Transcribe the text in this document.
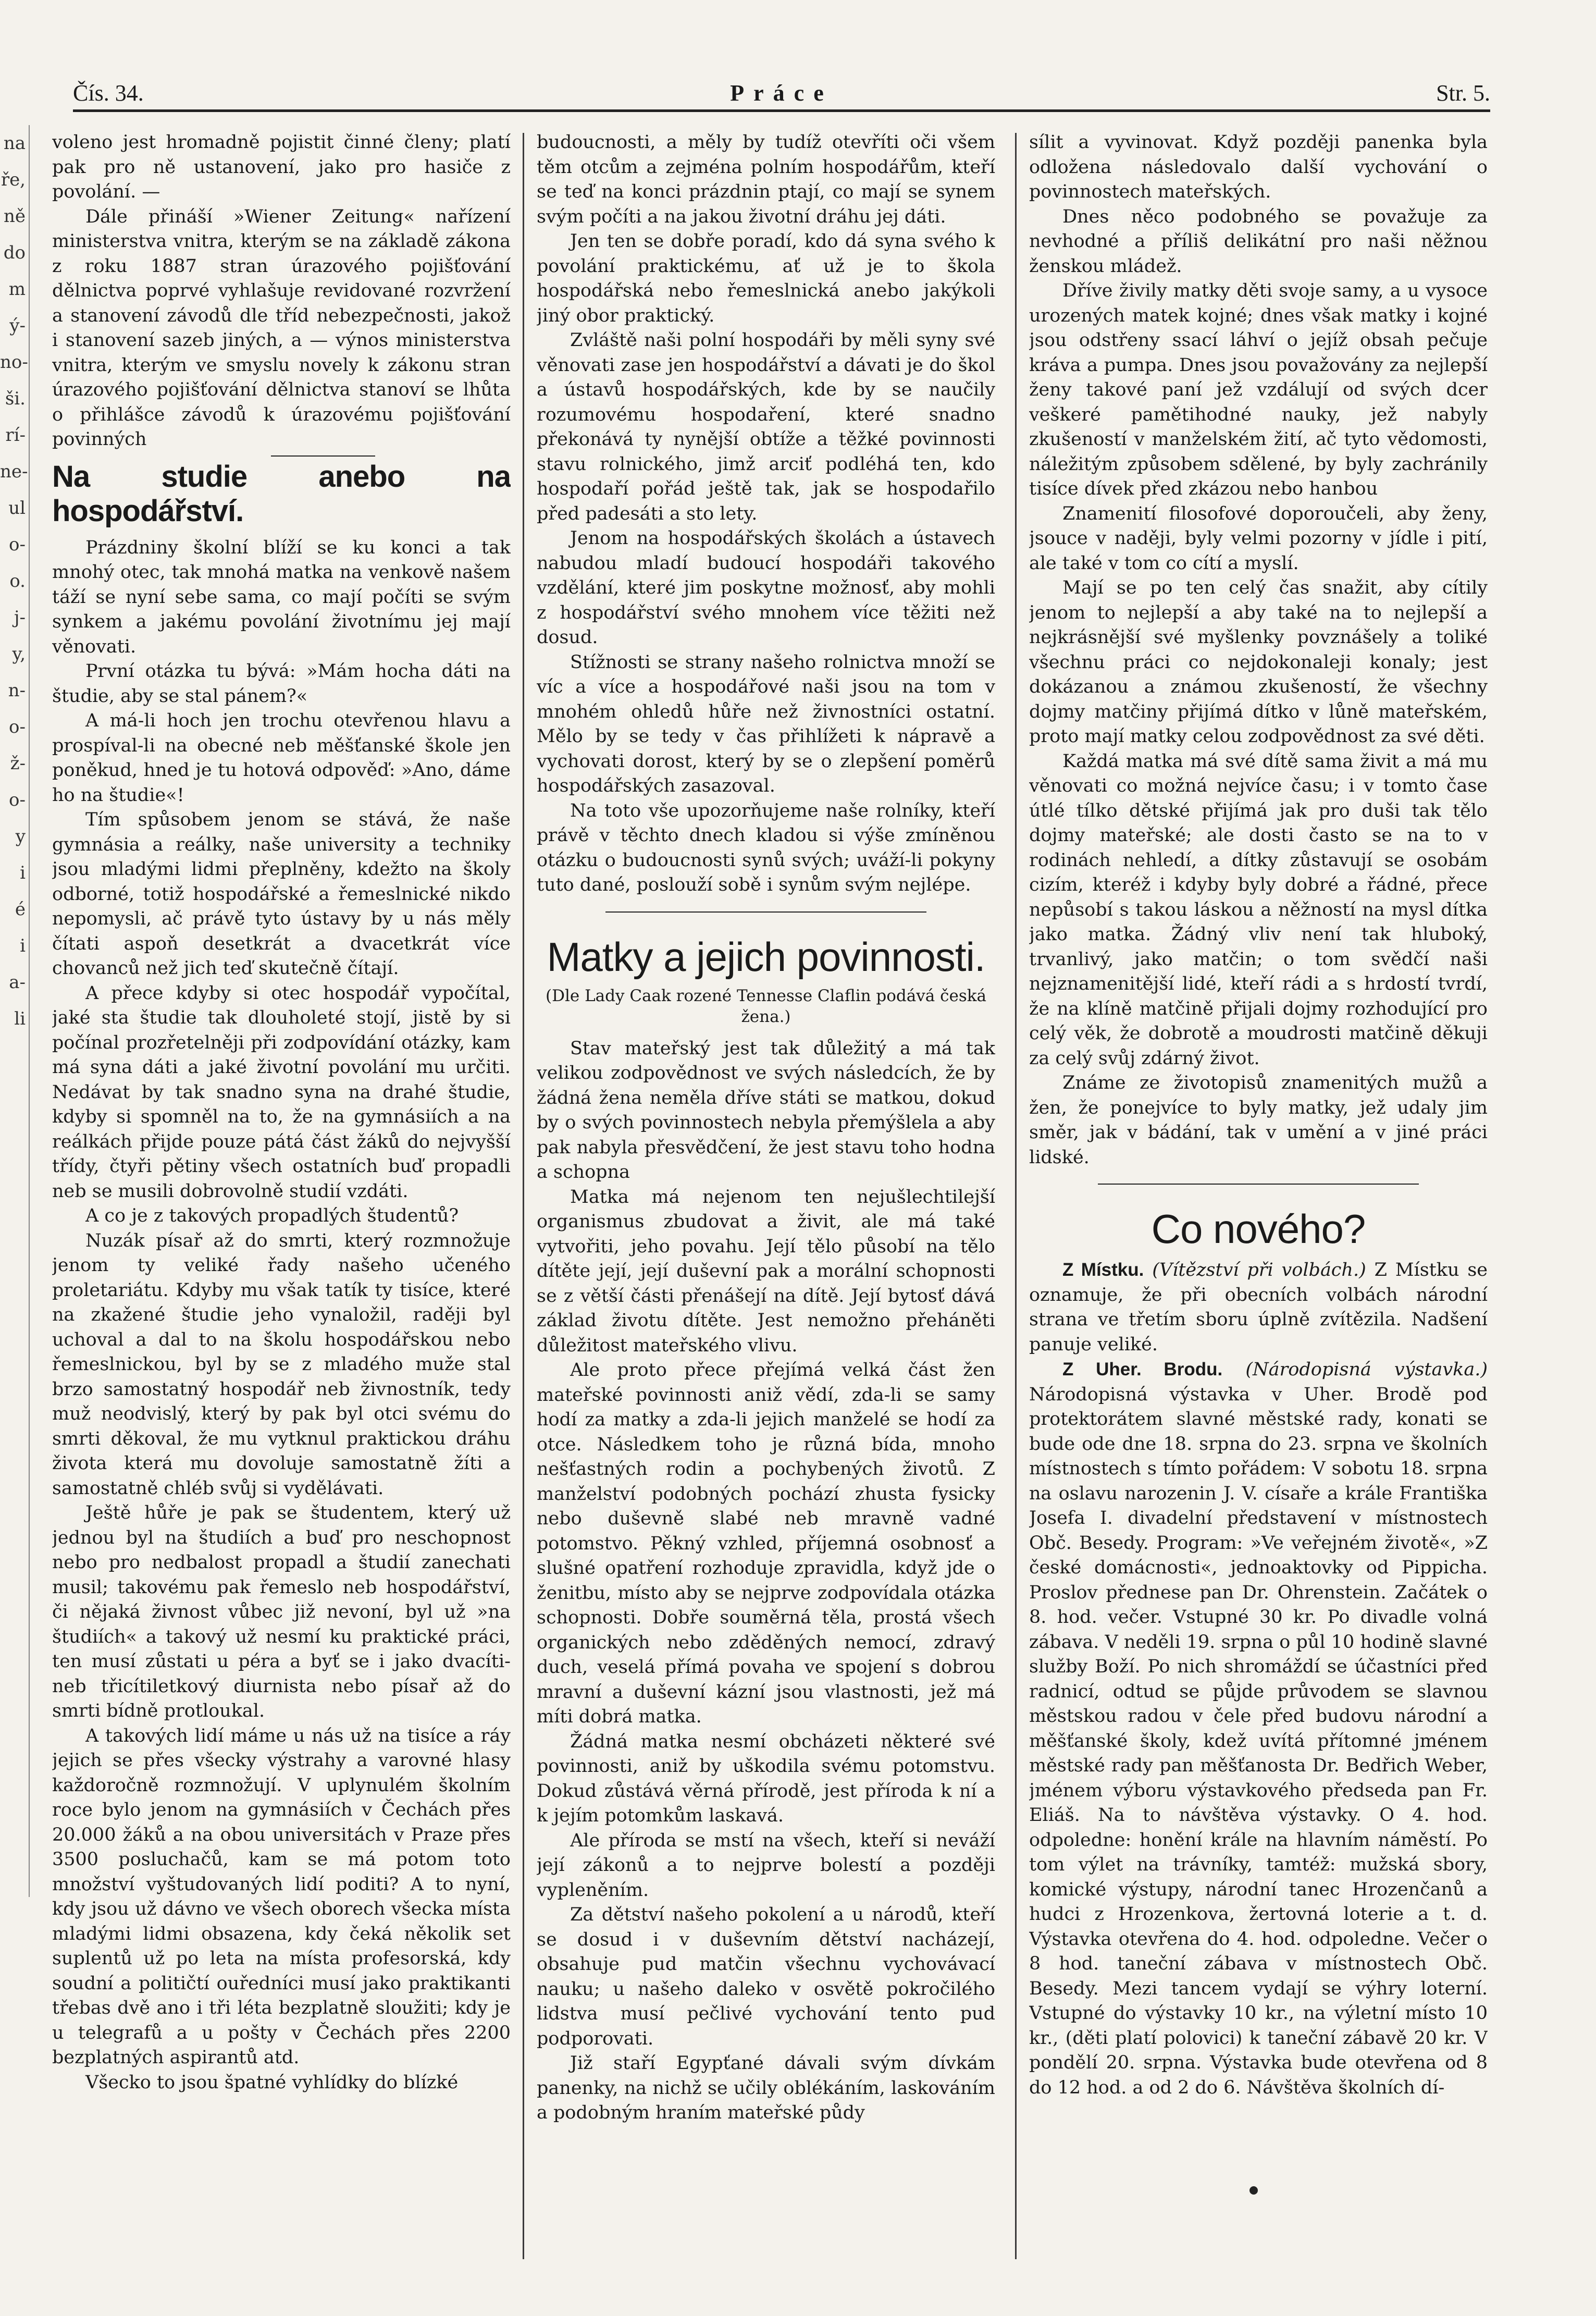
na
ře,
ně
do
m
ý-
no-
ši.
rí-
ne-
ul
o-
o.
j-
y,
n-
o-
ž-
o-
y
i
é
i
a-
li
Čís. 34.	Práce	Str. 5.

voleno jest hromadně pojistit činné členy; platí pak pro ně ustanovení, jako pro hasiče z povolání. —

Dále přináší »Wiener Zeitung« nařízení ministerstva vnitra, kterým se na základě zákona z roku 1887 stran úrazového pojišťování dělnictva poprvé vyhlašuje revidované rozvržení a stanovení závodů dle tříd nebezpečnosti, jakož i stanovení sazeb jiných, a — výnos ministerstva vnitra, kterým ve smyslu novely k zákonu stran úrazového pojišťování dělnictva stanoví se lhůta o přihlášce závodů k úrazovému pojišťování povinných

Na studie anebo na hospodářství.

Prázdniny školní blíží se ku konci a tak mnohý otec, tak mnohá matka na venkově našem táží se nyní sebe sama, co mají počíti se svým synkem a jakému povolání životnímu jej mají věnovati.

První otázka tu bývá: »Mám hocha dáti na študie, aby se stal pánem?«

A má-li hoch jen trochu otevřenou hlavu a prospíval-li na obecné neb měšťanské škole jen poněkud, hned je tu hotová odpověď: »Ano, dáme ho na študie«!

Tím spůsobem jenom se stává, že naše gymnásia a reálky, naše university a techniky jsou mladými lidmi přeplněny, kdežto na školy odborné, totiž hospodářské a řemeslnické nikdo nepomysli, ač právě tyto ústavy by u nás měly čítati aspoň desetkrát a dvacetkrát více chovanců než jich teď skutečně čítají.

A přece kdyby si otec hospodář vypočítal, jaké sta študie tak dlouholeté stojí, jistě by si počínal prozřetelněji při zodpovídání otázky, kam má syna dáti a jaké životní povolání mu určiti. Nedávat by tak snadno syna na drahé študie, kdyby si spomněl na to, že na gymnásiích a na reálkách přijde pouze pátá část žáků do nejvyšší třídy, čtyři pětiny všech ostatních buď propadli neb se musili dobrovolně studií vzdáti.

A co je z takových propadlých študentů?

Nuzák písař až do smrti, který rozmnožuje jenom ty veliké řady našeho učeného proletariátu. Kdyby mu však tatík ty tisíce, které na zkažené študie jeho vynaložil, raději byl uchoval a dal to na školu hospodářskou nebo řemeslnickou, byl by se z mladého muže stal brzo samostatný hospodář neb živnostník, tedy muž neodvislý, který by pak byl otci svému do smrti děkoval, že mu vytknul praktickou dráhu života která mu dovoluje samostatně žíti a samostatně chléb svůj si vydělávati.

Ještě hůře je pak se študentem, který už jednou byl na študiích a buď pro neschopnost nebo pro nedbalost propadl a študií zanechati musil; takovému pak řemeslo neb hospodářství, či nějaká živnost vůbec již nevoní, byl už »na študiích« a takový už nesmí ku praktické práci, ten musí zůstati u péra a byť se i jako dvacíti- neb třicítiletkový diurnista nebo písař až do smrti bídně protloukal.

A takových lidí máme u nás už na tisíce a ráy jejich se přes všecky výstrahy a varovné hlasy každoročně rozmnožují. V uplynulém školním roce bylo jenom na gymnásiích v Čechách přes 20.000 žáků a na obou universitách v Praze přes 3500 posluchačů, kam se má potom toto množství vyštudovaných lidí poditi? A to nyní, kdy jsou už dávno ve všech oborech všecka místa mladými lidmi obsazena, kdy čeká několik set suplentů už po leta na místa profesorská, kdy soudní a političtí ouředníci musí jako praktikanti třebas dvě ano i tři léta bezplatně sloužiti; kdy je u telegrafů a u pošty v Čechách přes 2200 bezplatných aspirantů atd.

Všecko to jsou špatné vyhlídky do blízké

budoucnosti, a měly by tudíž otevříti oči všem těm otcům a zejména polním hospodářům, kteří se teď na konci prázdnin ptají, co mají se synem svým počíti a na jakou životní dráhu jej dáti.

Jen ten se dobře poradí, kdo dá syna svého k povolání praktickému, ať už je to škola hospodářská nebo řemeslnická anebo jakýkoli jiný obor praktický.

Zvláště naši polní hospodáři by měli syny své věnovati zase jen hospodářství a dávati je do škol a ústavů hospodářských, kde by se naučily rozumovému hospodaření, které snadno překonává ty nynější obtíže a těžké povinnosti stavu rolnického, jimž arciť podléhá ten, kdo hospodaří pořád ještě tak, jak se hospodařilo před padesáti a sto lety.

Jenom na hospodářských školách a ústavech nabudou mladí budoucí hospodáři takového vzdělání, které jim poskytne možnosť, aby mohli z hospodářství svého mnohem více těžiti než dosud.

Stížnosti se strany našeho rolnictva množí se víc a více a hospodářové naši jsou na tom v mnohém ohledů hůře než živnostníci ostatní. Mělo by se tedy v čas přihlížeti k nápravě a vychovati dorost, který by se o zlepšení poměrů hospodářských zasazoval.

Na toto vše upozorňujeme naše rolníky, kteří právě v těchto dnech kladou si výše zmíněnou otázku o budoucnosti synů svých; uváží-li pokyny tuto dané, poslouží sobě i synům svým nejlépe.

Matky a jejich povinnosti.

(Dle Lady Caak rozené Tennesse Claflin podává česká žena.)

Stav mateřský jest tak důležitý a má tak velikou zodpovědnost ve svých následcích, že by žádná žena neměla dříve státi se matkou, dokud by o svých povinnostech nebyla přemýšlela a aby pak nabyla přesvědčení, že jest stavu toho hodna a schopna

Matka má nejenom ten nejušlechtilejší organismus zbudovat a živit, ale má také vytvořiti, jeho povahu. Její tělo působí na tělo dítěte její, její duševní pak a morální schopnosti se z větší části přenášejí na dítě. Její bytosť dává základ životu dítěte. Jest nemožno přeháněti důležitost mateřského vlivu.

Ale proto přece přejímá velká část žen mateřské povinnosti aniž vědí, zda-li se samy hodí za matky a zda-li jejich manželé se hodí za otce. Následkem toho je různá bída, mnoho nešťastných rodin a pochybených životů. Z manželství podobných pochází zhusta fysicky nebo duševně slabé neb mravně vadné potomstvo. Pěkný vzhled, příjemná osobnosť a slušné opatření rozhoduje zpravidla, když jde o ženitbu, místo aby se nejprve zodpovídala otázka schopnosti. Dobře souměrná těla, prostá všech organických nebo zděděných nemocí, zdravý duch, veselá přímá povaha ve spojení s dobrou mravní a duševní kázní jsou vlastnosti, jež má míti dobrá matka.

Žádná matka nesmí obcházeti některé své povinnosti, aniž by uškodila svému potomstvu. Dokud zůstává věrná přírodě, jest příroda k ní a k jejím potomkům laskavá.

Ale příroda se mstí na všech, kteří si neváží její zákonů a to nejprve bolestí a později vypleněním.

Za dětství našeho pokolení a u národů, kteří se dosud i v duševním dětství nacházejí, obsahuje pud matčin všechnu vychovávací nauku; u našeho daleko v osvětě pokročilého lidstva musí pečlivé vychování tento pud podporovati.

Již staří Egypťané dávali svým dívkám panenky, na nichž se učily oblékáním, laskováním a podobným hraním mateřské půdy

sílit a vyvinovat. Když později panenka byla odložena následovalo další vychování o povinnostech mateřských.

Dnes něco podobného se považuje za nevhodné a příliš delikátní pro naši něžnou ženskou mládež.

Dříve živily matky děti svoje samy, a u vysoce urozených matek kojné; dnes však matky i kojné jsou odstřeny ssací láhví o jejíž obsah pečuje kráva a pumpa. Dnes jsou považovány za nejlepší ženy takové paní jež vzdálují od svých dcer veškeré pamětihodné nauky, jež nabyly zkušeností v manželském žití, ač tyto vědomosti, náležitým způsobem sdělené, by byly zachránily tisíce dívek před zkázou nebo hanbou

Znamenití filosofové doporoučeli, aby ženy, jsouce v naději, byly velmi pozorny v jídle i pití, ale také v tom co cítí a myslí.

Mají se po ten celý čas snažit, aby cítily jenom to nejlepší a aby také na to nejlepší a nejkrásnější své myšlenky povznášely a toliké všechnu práci co nejdokonaleji konaly; jest dokázanou a známou zkušeností, že všechny dojmy matčiny přijímá dítko v lůně mateřském, proto mají matky celou zodpovědnost za své děti.

Každá matka má své dítě sama živit a má mu věnovati co možná nejvíce času; i v tomto čase útlé tílko dětské přijímá jak pro duši tak tělo dojmy mateřské; ale dosti často se na to v rodinách nehledí, a dítky zůstavují se osobám cizím, kteréž i kdyby byly dobré a řádné, přece nepůsobí s takou láskou a něžností na mysl dítka jako matka. Žádný vliv není tak hluboký, trvanlivý, jako matčin; o tom svědčí naši nejznamenitější lidé, kteří rádi a s hrdostí tvrdí, že na klíně matčině přijali dojmy rozhodující pro celý věk, že dobrotě a moudrosti matčině děkuji za celý svůj zdárný život.

Známe ze životopisů znamenitých mužů a žen, že ponejvíce to byly matky, jež udaly jim směr, jak v bádání, tak v umění a v jiné práci lidské.

Co nového?

Z Místku. (Vítězství při volbách.) Z Místku se oznamuje, že při obecních volbách národní strana ve třetím sboru úplně zvítězila. Nadšení panuje veliké.

Z Uher. Brodu. (Národopisná výstavka.) Národopisná výstavka v Uher. Brodě pod protektorátem slavné městské rady, konati se bude ode dne 18. srpna do 23. srpna ve školních místnostech s tímto pořádem: V sobotu 18. srpna na oslavu narozenin J. V. císaře a krále Františka Josefa I. divadelní představení v místnostech Obč. Besedy. Program: »Ve veřejném životě«, »Z české domácnosti«, jednoaktovky od Pippicha. Proslov přednese pan Dr. Ohrenstein. Začátek o 8. hod. večer. Vstupné 30 kr. Po divadle volná zábava. V neděli 19. srpna o půl 10 hodině slavné služby Boží. Po nich shromáždí se účastníci před radnicí, odtud se půjde průvodem se slavnou městskou radou v čele před budovu národní a měšťanské školy, kdež uvítá přítomné jménem městské rady pan měšťanosta Dr. Bedřich Weber, jménem výboru výstavkového předseda pan Fr. Eliáš. Na to návštěva výstavky. O 4. hod. odpoledne: honění krále na hlavním náměstí. Po tom výlet na trávníky, tamtéž: mužská sbory, komické výstupy, národní tanec Hrozenčanů a hudci z Hrozenkova, žertovná loterie a t. d. Výstavka otevřena do 4. hod. odpoledne. Večer o 8 hod. taneční zábava v místnostech Obč. Besedy. Mezi tancem vydají se výhry loterní. Vstupné do výstavky 10 kr., na výletní místo 10 kr., (děti platí polovici) k taneční zábavě 20 kr. V pondělí 20. srpna. Výstavka bude otevřena od 8 do 12 hod. a od 2 do 6. Návštěva školních dí-
